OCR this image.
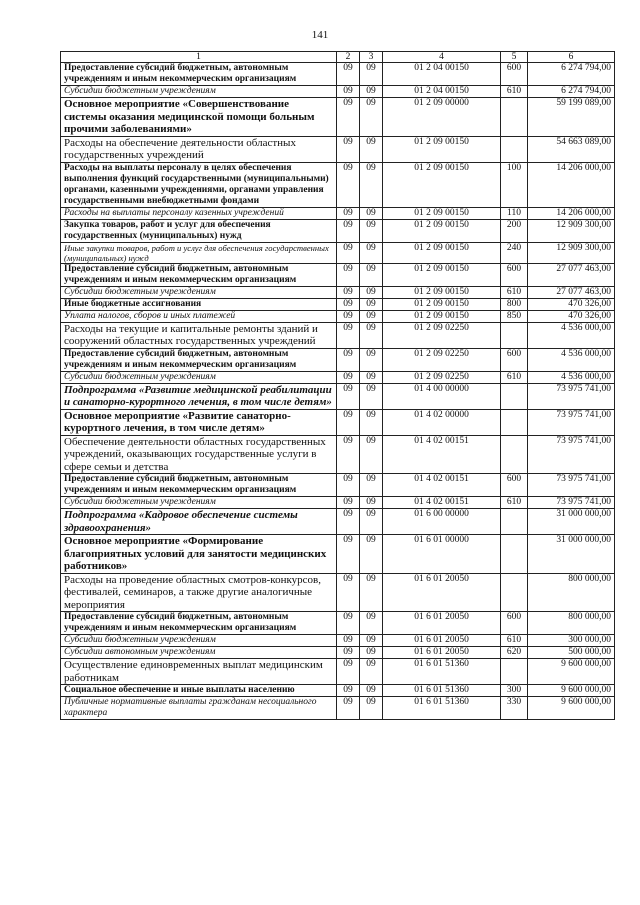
141
1	2	3	4	5	6
Предоставление субсидий бюджетным, автономным учреждениям и иным некоммерческим организациям	09	09	01 2 04 00150	600	6 274 794,00
Субсидии бюджетным учреждениям	09	09	01 2 04 00150	610	6 274 794,00
Основное мероприятие «Совершенствование системы оказания медицинской помощи больным прочими заболеваниями»	09	09	01 2 09 00000		59 199 089,00
Расходы на обеспечение деятельности областных государственных учреждений	09	09	01 2 09 00150		54 663 089,00
Расходы на выплаты персоналу в целях обеспечения выполнения функций государственными (муниципальными) органами, казенными учреждениями, органами управления государственными внебюджетными фондами	09	09	01 2 09 00150	100	14 206 000,00
Расходы на выплаты персоналу казенных учреждений	09	09	01 2 09 00150	110	14 206 000,00
Закупка товаров, работ и услуг для обеспечения государственных (муниципальных) нужд	09	09	01 2 09 00150	200	12 909 300,00
Иные закупки товаров, работ и услуг для обеспечения государственных (муниципальных) нужд	09	09	01 2 09 00150	240	12 909 300,00
Предоставление субсидий бюджетным, автономным учреждениям и иным некоммерческим организациям	09	09	01 2 09 00150	600	27 077 463,00
Субсидии бюджетным учреждениям	09	09	01 2 09 00150	610	27 077 463,00
Иные бюджетные ассигнования	09	09	01 2 09 00150	800	470 326,00
Уплата налогов, сборов и иных платежей	09	09	01 2 09 00150	850	470 326,00
Расходы на текущие и капитальные ремонты зданий и сооружений областных государственных учреждений	09	09	01 2 09 02250		4 536 000,00
Предоставление субсидий бюджетным, автономным учреждениям и иным некоммерческим организациям	09	09	01 2 09 02250	600	4 536 000,00
Субсидии бюджетным учреждениям	09	09	01 2 09 02250	610	4 536 000,00
Подпрограмма «Развитие медицинской реабилитации и санаторно-курортного лечения, в том числе детям»	09	09	01 4 00 00000		73 975 741,00
Основное мероприятие «Развитие санаторно-курортного лечения, в том числе детям»	09	09	01 4 02 00000		73 975 741,00
Обеспечение деятельности областных государственных учреждений, оказывающих государственные услуги в сфере семьи и детства	09	09	01 4 02 00151		73 975 741,00
Предоставление субсидий бюджетным, автономным учреждениям и иным некоммерческим организациям	09	09	01 4 02 00151	600	73 975 741,00
Субсидии бюджетным учреждениям	09	09	01 4 02 00151	610	73 975 741,00
Подпрограмма «Кадровое обеспечение системы здравоохранения»	09	09	01 6 00 00000		31 000 000,00
Основное мероприятие «Формирование благоприятных условий для занятости медицинских работников»	09	09	01 6 01 00000		31 000 000,00
Расходы на проведение областных смотров-конкурсов, фестивалей, семинаров, а также другие аналогичные мероприятия	09	09	01 6 01 20050		800 000,00
Предоставление субсидий бюджетным, автономным учреждениям и иным некоммерческим организациям	09	09	01 6 01 20050	600	800 000,00
Субсидии бюджетным учреждениям	09	09	01 6 01 20050	610	300 000,00
Субсидии автономным учреждениям	09	09	01 6 01 20050	620	500 000,00
Осуществление единовременных выплат медицинским работникам	09	09	01 6 01 51360		9 600 000,00
Социальное обеспечение и иные выплаты населению	09	09	01 6 01 51360	300	9 600 000,00
Публичные нормативные выплаты гражданам несоциального характера	09	09	01 6 01 51360	330	9 600 000,00
